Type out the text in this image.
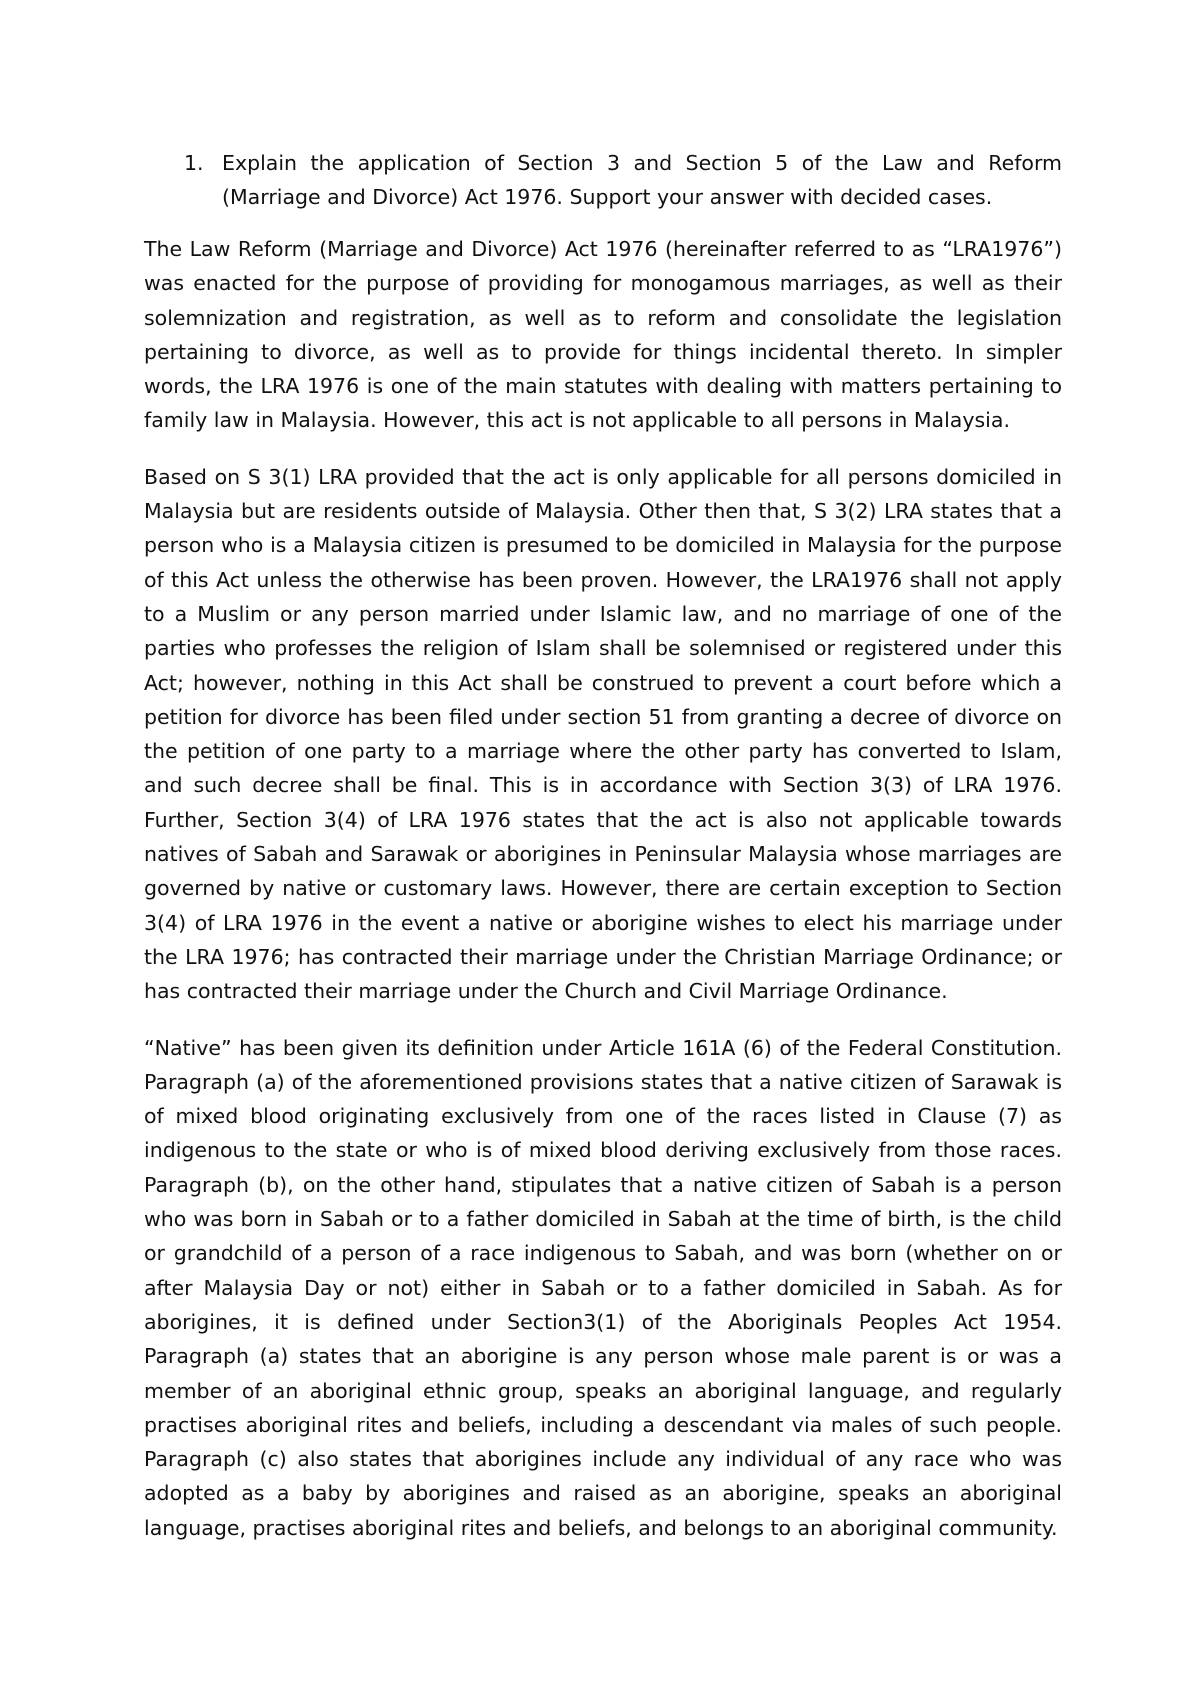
1. Explain the application of Section 3 and Section 5 of the Law and Reform (Marriage and Divorce) Act 1976. Support your answer with decided cases.

The Law Reform (Marriage and Divorce) Act 1976 (hereinafter referred to as “LRA1976”) was enacted for the purpose of providing for monogamous marriages, as well as their solemnization and registration, as well as to reform and consolidate the legislation pertaining to divorce, as well as to provide for things incidental thereto. In simpler words, the LRA 1976 is one of the main statutes with dealing with matters pertaining to family law in Malaysia. However, this act is not applicable to all persons in Malaysia.

Based on S 3(1) LRA provided that the act is only applicable for all persons domiciled in Malaysia but are residents outside of Malaysia. Other then that, S 3(2) LRA states that a person who is a Malaysia citizen is presumed to be domiciled in Malaysia for the purpose of this Act unless the otherwise has been proven. However, the LRA1976 shall not apply to a Muslim or any person married under Islamic law, and no marriage of one of the parties who professes the religion of Islam shall be solemnised or registered under this Act; however, nothing in this Act shall be construed to prevent a court before which a petition for divorce has been filed under section 51 from granting a decree of divorce on the petition of one party to a marriage where the other party has converted to Islam, and such decree shall be final. This is in accordance with Section 3(3) of LRA 1976. Further, Section 3(4) of LRA 1976 states that the act is also not applicable towards natives of Sabah and Sarawak or aborigines in Peninsular Malaysia whose marriages are governed by native or customary laws. However, there are certain exception to Section 3(4) of LRA 1976 in the event a native or aborigine wishes to elect his marriage under the LRA 1976; has contracted their marriage under the Christian Marriage Ordinance; or has contracted their marriage under the Church and Civil Marriage Ordinance.

“Native” has been given its definition under Article 161A (6) of the Federal Constitution. Paragraph (a) of the aforementioned provisions states that a native citizen of Sarawak is of mixed blood originating exclusively from one of the races listed in Clause (7) as indigenous to the state or who is of mixed blood deriving exclusively from those races. Paragraph (b), on the other hand, stipulates that a native citizen of Sabah is a person who was born in Sabah or to a father domiciled in Sabah at the time of birth, is the child or grandchild of a person of a race indigenous to Sabah, and was born (whether on or after Malaysia Day or not) either in Sabah or to a father domiciled in Sabah. As for aborigines, it is defined under Section3(1) of the Aboriginals Peoples Act 1954. Paragraph (a) states that an aborigine is any person whose male parent is or was a member of an aboriginal ethnic group, speaks an aboriginal language, and regularly practises aboriginal rites and beliefs, including a descendant via males of such people. Paragraph (c) also states that aborigines include any individual of any race who was adopted as a baby by aborigines and raised as an aborigine, speaks an aboriginal language, practises aboriginal rites and beliefs, and belongs to an aboriginal community.
